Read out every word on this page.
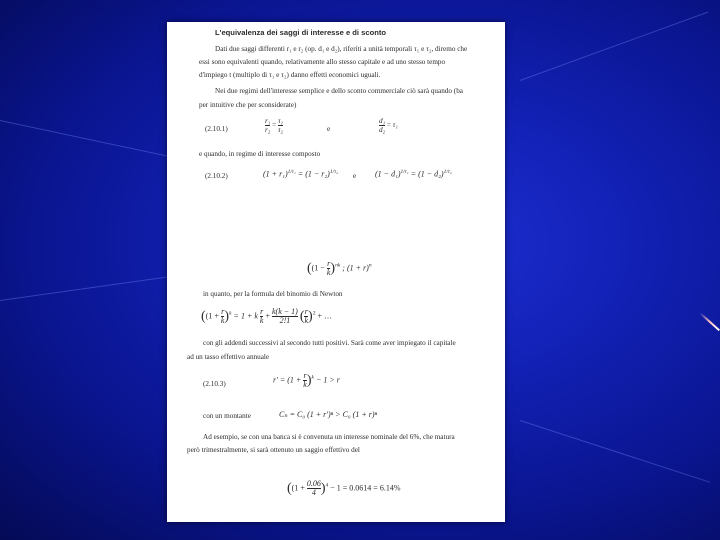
L'equivalenza dei saggi di interesse e di sconto
Dati due saggi differenti r₁ e r₂ (op. d₁ e d₂), riferiti a unità temporali τ₁ e τ₂, diremo che
essi sono equivalenti quando, relativamente allo stesso capitale e ad uno stesso tempo
d'impiego t (multiplo di τ₁ e τ₂) danno effetti economici uguali.
Nei due regimi dell'interesse semplice e dello sconto commerciale ciò sarà quando (ba
per intuitive che per sconsiderate)
(2.10.1)	$\frac{\text{r₁}}{\text{r₂}} = \frac{\text{τ₁}}{\text{τ₂}}$	e	$\frac{\text{d₁}}{\text{d₂}} = \tau_1$
e quando, in regime di interesse composto
(2.10.2)	$(1 + r_1)^{1/\tau_1} = (1 - r_2)^{1/\tau_2}$ e $(1 - d_1)^{1/\tau_1} = (1 - d_2)^{1/\tau_2}$
($(1 - \frac{r}{k} )^{nk}$ ; $(1 + r)^n$
in quanto, per la formula del binomio di Newton
($(1 + \frac{r}{k} )^k = 1 + k \frac{r}{k} + \frac{k(k - 1)}{2!1}$ ( $\frac{r}{k} )^2$ + …
con gli addendi successivi al secondo tutti positivi. Sarà come aver impiegato il capitale
ad un tasso effettivo annuale
(2.10.3)	$r' = (1 + \frac{r}{k} )^k - 1 > r$
con un montante	Cₙ = C₀ (1 + r')ⁿ > C₀ (1 + r)ⁿ
Ad esempio, se con una banca si è convenuta un interesse nominale del 6%, che matura
però trimestralmente, si sarà ottenuto un saggio effettivo del
($(1 + \frac{0.06}{4} )^4 - 1 = 0.0614 = 6.14\%$
